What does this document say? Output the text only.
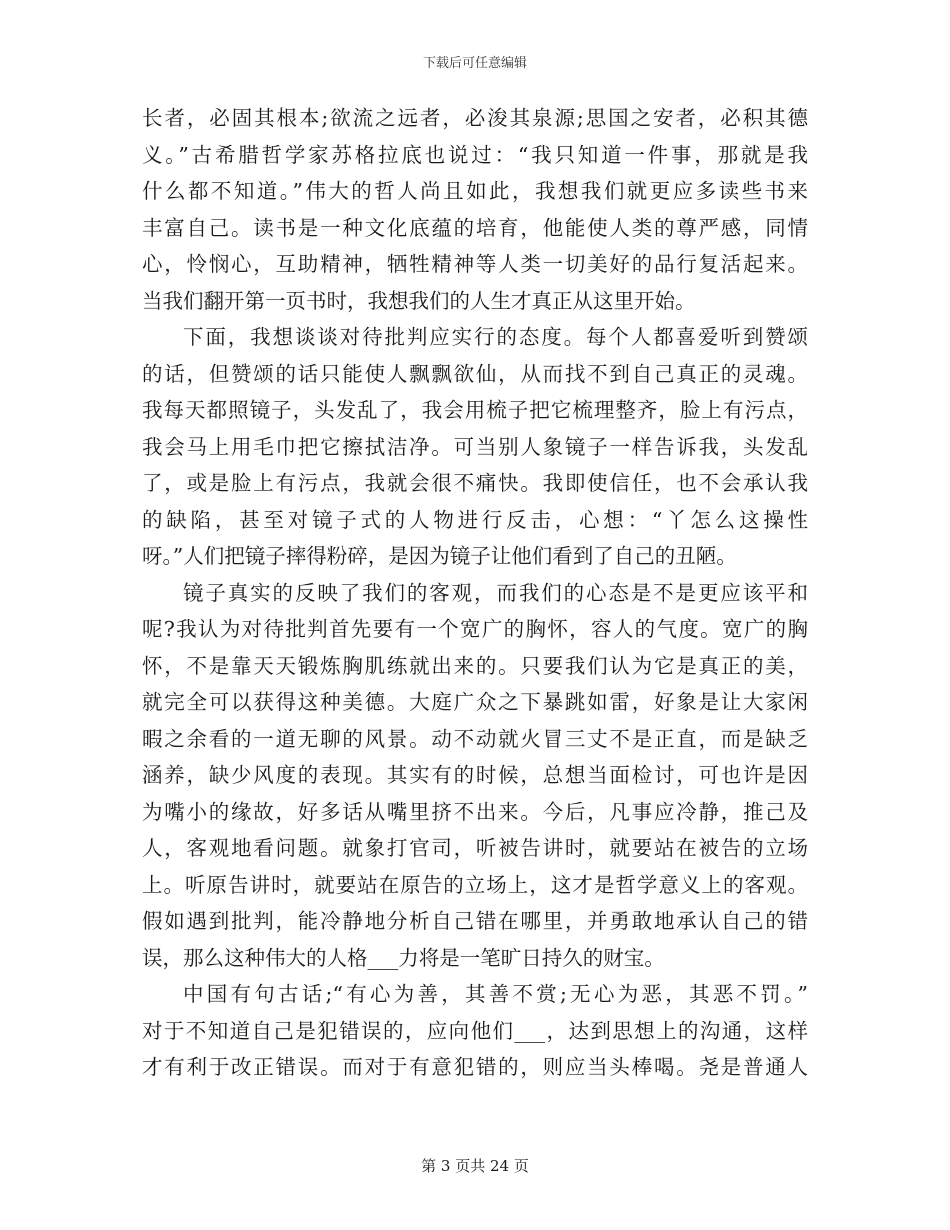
下载后可任意编辑
长者，必固其根本;欲流之远者，必浚其泉源;思国之安者，必积其德
义。”古希腊哲学家苏格拉底也说过：“我只知道一件事，那就是我
什么都不知道。”伟大的哲人尚且如此，我想我们就更应多读些书来
丰富自己。读书是一种文化底蕴的培育，他能使人类的尊严感，同情
心，怜悯心，互助精神，牺牲精神等人类一切美好的品行复活起来。
当我们翻开第一页书时，我想我们的人生才真正从这里开始。
下面，我想谈谈对待批判应实行的态度。每个人都喜爱听到赞颂
的话，但赞颂的话只能使人飘飘欲仙，从而找不到自己真正的灵魂。
我每天都照镜子，头发乱了，我会用梳子把它梳理整齐，脸上有污点，
我会马上用毛巾把它擦拭洁净。可当别人象镜子一样告诉我，头发乱
了，或是脸上有污点，我就会很不痛快。我即使信任，也不会承认我
的缺陷，甚至对镜子式的人物进行反击，心想：“丫怎么这操性
呀。”人们把镜子摔得粉碎，是因为镜子让他们看到了自己的丑陋。
镜子真实的反映了我们的客观，而我们的心态是不是更应该平和
呢?我认为对待批判首先要有一个宽广的胸怀，容人的气度。宽广的胸
怀，不是靠天天锻炼胸肌练就出来的。只要我们认为它是真正的美，
就完全可以获得这种美德。大庭广众之下暴跳如雷，好象是让大家闲
暇之余看的一道无聊的风景。动不动就火冒三丈不是正直，而是缺乏
涵养，缺少风度的表现。其实有的时候，总想当面检讨，可也许是因
为嘴小的缘故，好多话从嘴里挤不出来。今后，凡事应冷静，推己及
人，客观地看问题。就象打官司，听被告讲时，就要站在被告的立场
上。听原告讲时，就要站在原告的立场上，这才是哲学意义上的客观。
假如遇到批判，能冷静地分析自己错在哪里，并勇敢地承认自己的错
误，那么这种伟大的人格___力将是一笔旷日持久的财宝。
中国有句古话;“有心为善，其善不赏;无心为恶，其恶不罚。”
对于不知道自己是犯错误的，应向他们___，达到思想上的沟通，这样
才有利于改正错误。而对于有意犯错的，则应当头棒喝。尧是普通人
第 3 页共 24 页
